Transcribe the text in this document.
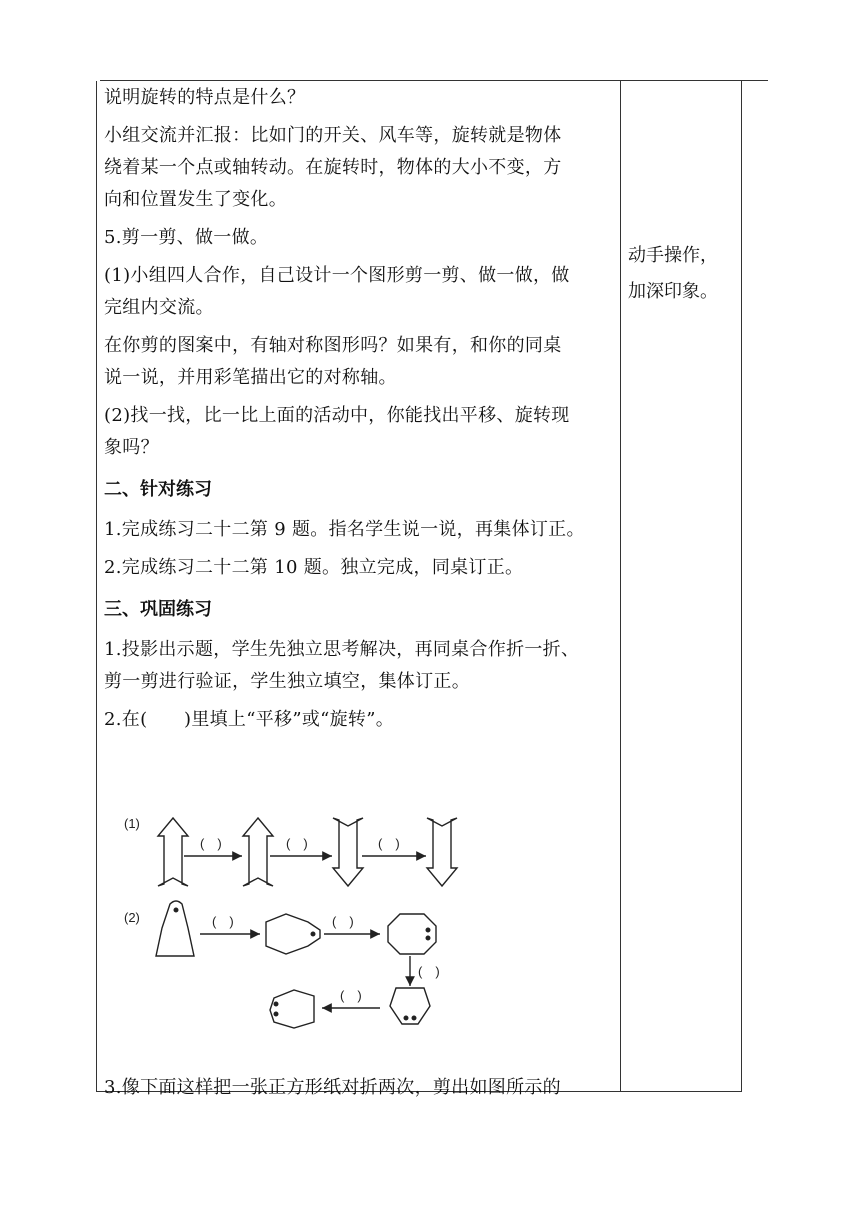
说明旋转的特点是什么？

小组交流并汇报：比如门的开关、风车等，旋转就是物体

绕着某一个点或轴转动。在旋转时，物体的大小不变，方

向和位置发生了变化。

5.剪一剪、做一做。

(1)小组四人合作，自己设计一个图形剪一剪、做一做，做

完组内交流。

在你剪的图案中，有轴对称图形吗？如果有，和你的同桌

说一说，并用彩笔描出它的对称轴。

(2)找一找，比一比上面的活动中，你能找出平移、旋转现

象吗？

二、针对练习

1.完成练习二十二第 9 题。指名学生说一说，再集体订正。

2.完成练习二十二第 10 题。独立完成，同桌订正。

三、巩固练习

1.投影出示题，学生先独立思考解决，再同桌合作折一折、

剪一剪进行验证，学生独立填空，集体订正。

2.在(　　)里填上“平移”或“旋转”。

动手操作，
加深印象。
(1)
(2)
(　)	(　)	(　)
(　)	(　)
(　)
(　)

3.像下面这样把一张正方形纸对折两次，剪出如图所示的
